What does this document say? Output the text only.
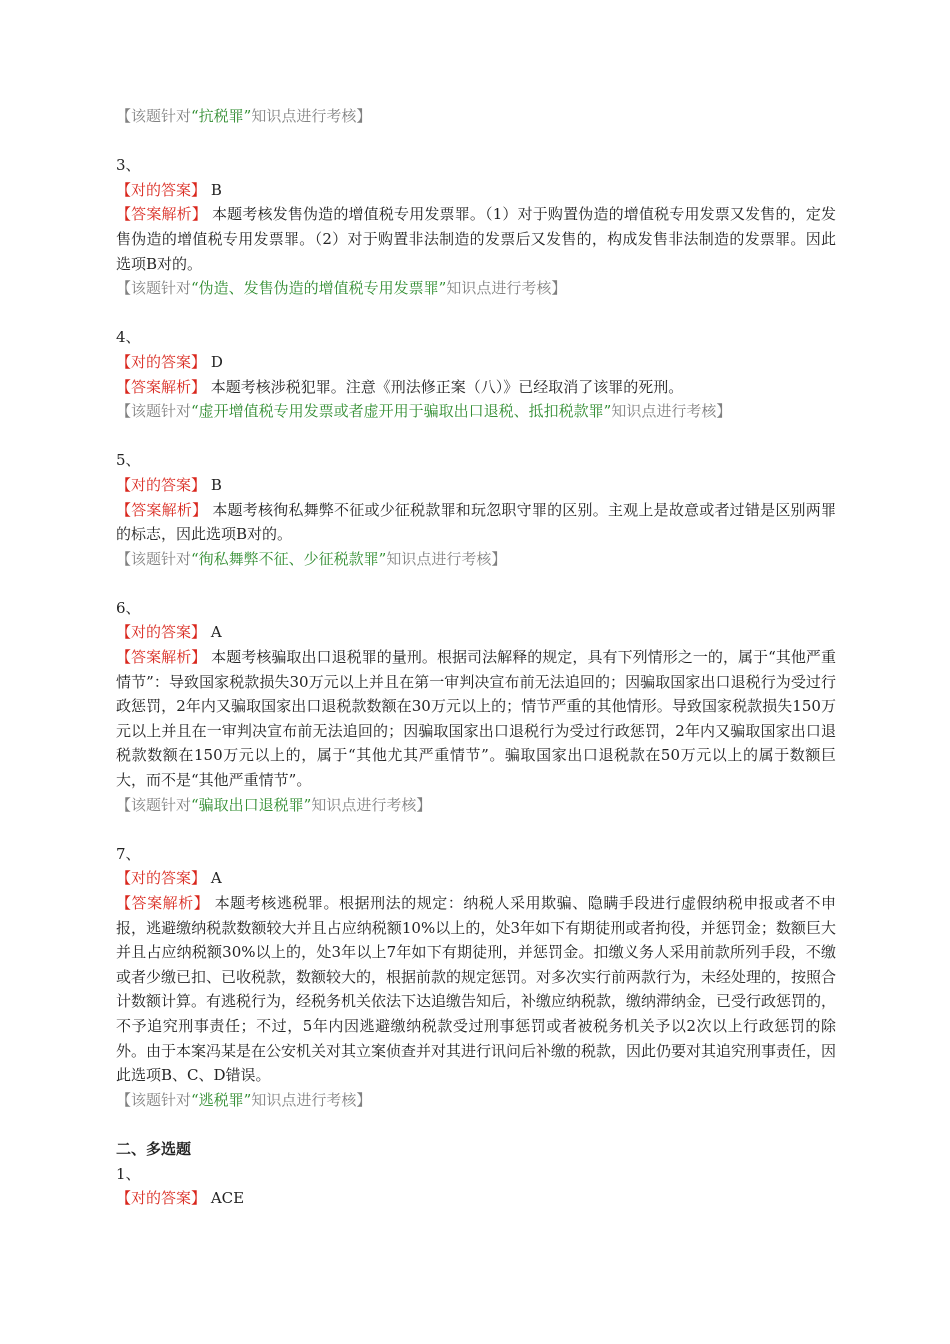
【该题针对“抗税罪”知识点进行考核】
3、
【对的答案】 B
【答案解析】 本题考核发售伪造的增值税专用发票罪。（1）对于购置伪造的增值税专用发票又发售的，定发售伪造的增值税专用发票罪。（2）对于购置非法制造的发票后又发售的，构成发售非法制造的发票罪。因此选项B对的。
【该题针对“伪造、发售伪造的增值税专用发票罪”知识点进行考核】
4、
【对的答案】 D
【答案解析】 本题考核涉税犯罪。注意《刑法修正案（八）》已经取消了该罪的死刑。
【该题针对“虚开增值税专用发票或者虚开用于骗取出口退税、抵扣税款罪”知识点进行考核】
5、
【对的答案】 B
【答案解析】 本题考核徇私舞弊不征或少征税款罪和玩忽职守罪的区别。主观上是故意或者过错是区别两罪的标志，因此选项B对的。
【该题针对“徇私舞弊不征、少征税款罪”知识点进行考核】
6、
【对的答案】 A
【答案解析】 本题考核骗取出口退税罪的量刑。根据司法解释的规定，具有下列情形之一的，属于“其他严重情节”：导致国家税款损失30万元以上并且在第一审判决宣布前无法追回的；因骗取国家出口退税行为受过行政惩罚，2年内又骗取国家出口退税款数额在30万元以上的；情节严重的其他情形。导致国家税款损失150万元以上并且在一审判决宣布前无法追回的；因骗取国家出口退税行为受过行政惩罚，2年内又骗取国家出口退税款数额在150万元以上的，属于“其他尤其严重情节”。骗取国家出口退税款在50万元以上的属于数额巨大，而不是“其他严重情节”。
【该题针对“骗取出口退税罪”知识点进行考核】
7、
【对的答案】 A
【答案解析】 本题考核逃税罪。根据刑法的规定：纳税人采用欺骗、隐瞒手段进行虚假纳税申报或者不申报，逃避缴纳税款数额较大并且占应纳税额10%以上的，处3年如下有期徒刑或者拘役，并惩罚金；数额巨大并且占应纳税额30%以上的，处3年以上7年如下有期徒刑，并惩罚金。扣缴义务人采用前款所列手段，不缴或者少缴已扣、已收税款，数额较大的，根据前款的规定惩罚。对多次实行前两款行为，未经处理的，按照合计数额计算。有逃税行为，经税务机关依法下达追缴告知后，补缴应纳税款，缴纳滞纳金，已受行政惩罚的，不予追究刑事责任；不过，5年内因逃避缴纳税款受过刑事惩罚或者被税务机关予以2次以上行政惩罚的除外。由于本案冯某是在公安机关对其立案侦查并对其进行讯问后补缴的税款，因此仍要对其追究刑事责任，因此选项B、C、D错误。
【该题针对“逃税罪”知识点进行考核】
二、多选题
1、
【对的答案】 ACE
